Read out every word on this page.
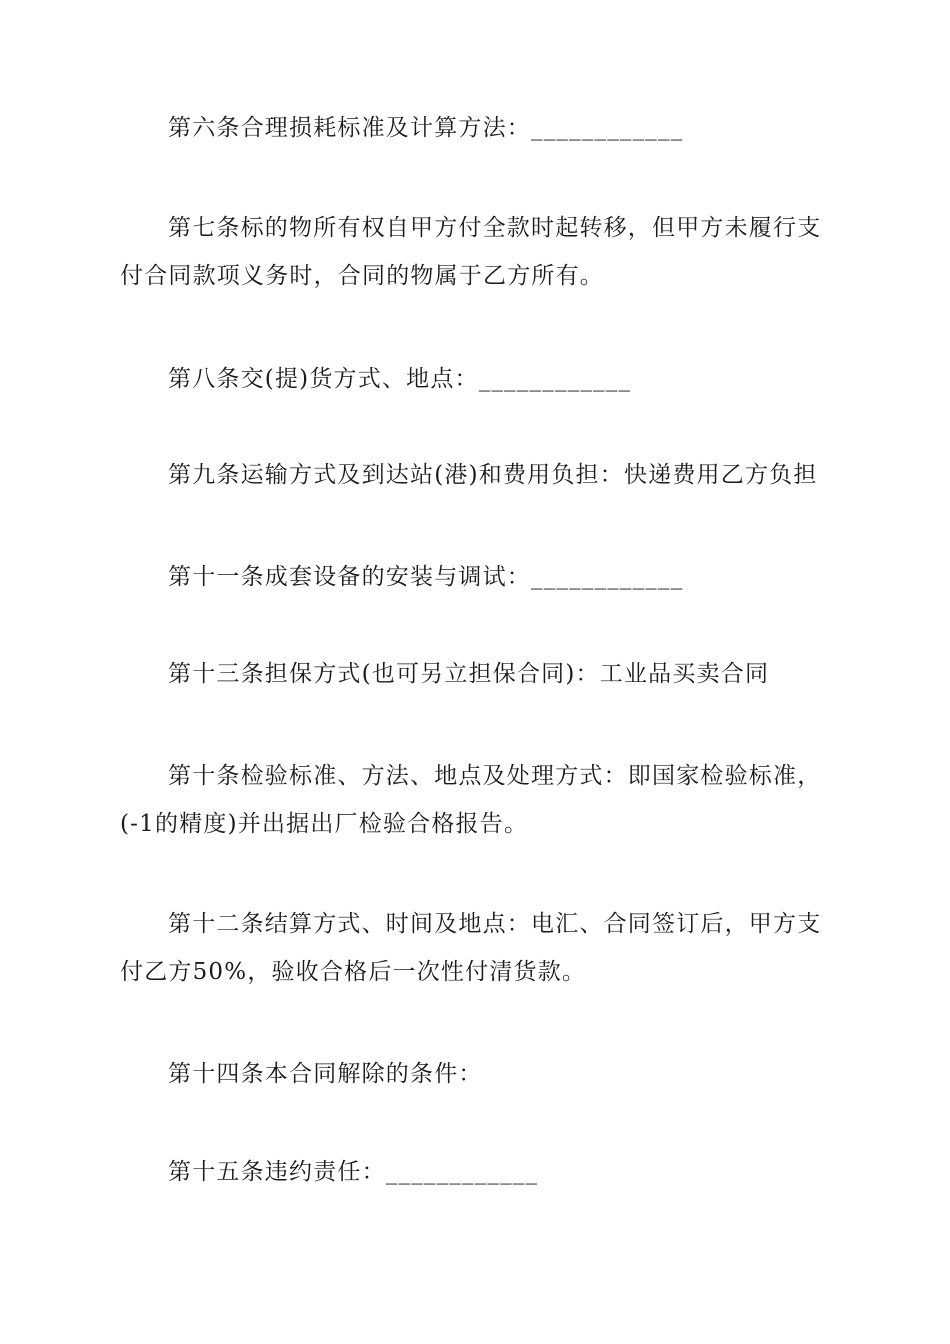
第六条合理损耗标准及计算方法：____________

第七条标的物所有权自甲方付全款时起转移，但甲方未履行支付合同款项义务时，合同的物属于乙方所有。

第八条交(提)货方式、地点：____________

第九条运输方式及到达站(港)和费用负担：快递费用乙方负担

第十一条成套设备的安装与调试：____________

第十三条担保方式(也可另立担保合同)：工业品买卖合同

第十条检验标准、方法、地点及处理方式：即国家检验标准，(-1的精度)并出据出厂检验合格报告。

第十二条结算方式、时间及地点：电汇、合同签订后，甲方支付乙方50%，验收合格后一次性付清货款。

第十四条本合同解除的条件：

第十五条违约责任：____________
